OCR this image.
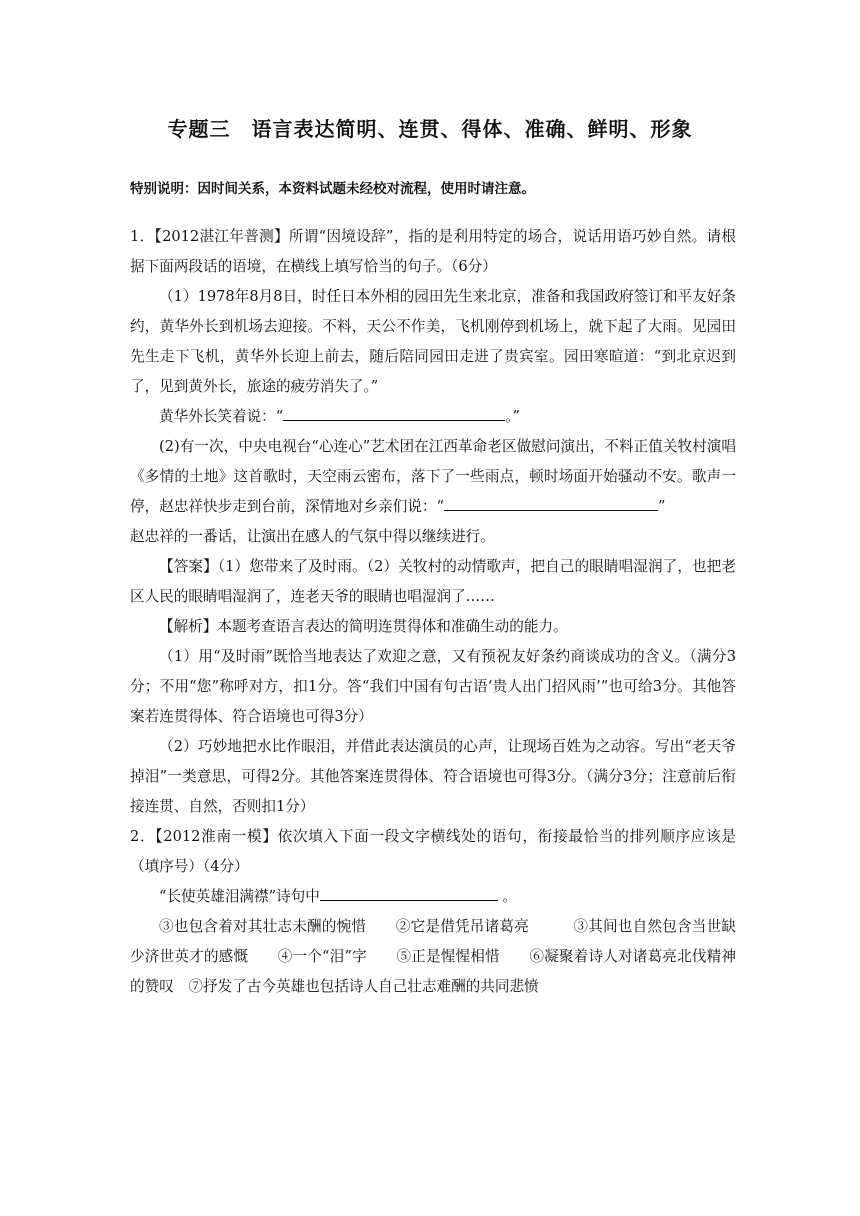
专题三　语言表达简明、连贯、得体、准确、鲜明、形象
特别说明：因时间关系，本资料试题未经校对流程，使用时请注意。

1．【2012湛江年普测】所谓“因境设辞”，指的是利用特定的场合，说话用语巧妙自然。请根据下面两段话的语境，在横线上填写恰当的句子。（6分）

（1）1978年8月8日，时任日本外相的园田先生来北京，准备和我国政府签订和平友好条约，黄华外长到机场去迎接。不料，天公不作美，飞机刚停到机场上，就下起了大雨。见园田先生走下飞机，黄华外长迎上前去，随后陪同园田走进了贵宾室。园田寒暄道：“到北京迟到了，见到黄外长，旅途的疲劳消失了。”

黄华外长笑着说：“	。”

(2)有一次，中央电视台“心连心”艺术团在江西革命老区做慰问演出，不料正值关牧村演唱《多情的土地》这首歌时，天空雨云密布，落下了一些雨点，顿时场面开始骚动不安。歌声一停，赵忠祥快步走到台前，深情地对乡亲们说：“	”

赵忠祥的一番话，让演出在感人的气氛中得以继续进行。

【答案】（1）您带来了及时雨。（2）关牧村的动情歌声，把自己的眼睛唱湿润了，也把老区人民的眼睛唱湿润了，连老天爷的眼睛也唱湿润了……

【解析】本题考查语言表达的简明连贯得体和准确生动的能力。

（1）用“及时雨”既恰当地表达了欢迎之意，又有预祝友好条约商谈成功的含义。（满分3分；不用“您”称呼对方，扣1分。答“我们中国有句古语‘贵人出门招风雨’”也可给3分。其他答案若连贯得体、符合语境也可得3分）

（2）巧妙地把水比作眼泪，并借此表达演员的心声，让现场百姓为之动容。写出“老天爷掉泪”一类意思，可得2分。其他答案连贯得体、符合语境也可得3分。（满分3分；注意前后衔接连贯、自然，否则扣1分）

2．【2012淮南一模】依次填入下面一段文字横线处的语句，衔接最恰当的排列顺序应该是（填序号）（4分）

“长使英雄泪满襟”诗句中	。

③也包含着对其壮志未酬的惋惜　　②它是借凭吊诸葛亮　　　③其间也自然包含当世缺少济世英才的感慨　　④一个“泪”字　　⑤正是惺惺相惜　　⑥凝聚着诗人对诸葛亮北伐精神的赞叹　⑦抒发了古今英雄也包括诗人自己壮志难酬的共同悲愤
